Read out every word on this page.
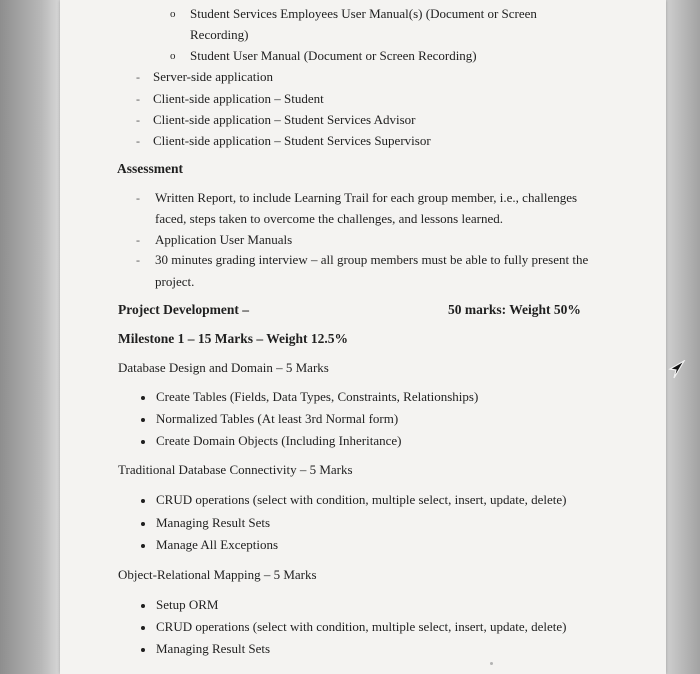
o Student Services Employees User Manual(s) (Document or Screen
Recording)
o Student User Manual (Document or Screen Recording)
- Server-side application
- Client-side application – Student
- Client-side application – Student Services Advisor
- Client-side application – Student Services Supervisor
Assessment
- Written Report, to include Learning Trail for each group member, i.e., challenges
faced, steps taken to overcome the challenges, and lessons learned.
- Application User Manuals
- 30 minutes grading interview – all group members must be able to fully present the
project.
Project Development –	50 marks: Weight 50%
Milestone 1 – 15 Marks – Weight 12.5%
Database Design and Domain – 5 Marks
Create Tables (Fields, Data Types, Constraints, Relationships)
Normalized Tables (At least 3rd Normal form)
Create Domain Objects (Including Inheritance)
Traditional Database Connectivity – 5 Marks
CRUD operations (select with condition, multiple select, insert, update, delete)
Managing Result Sets
Manage All Exceptions
Object-Relational Mapping – 5 Marks
Setup ORM
CRUD operations (select with condition, multiple select, insert, update, delete)
Managing Result Sets
